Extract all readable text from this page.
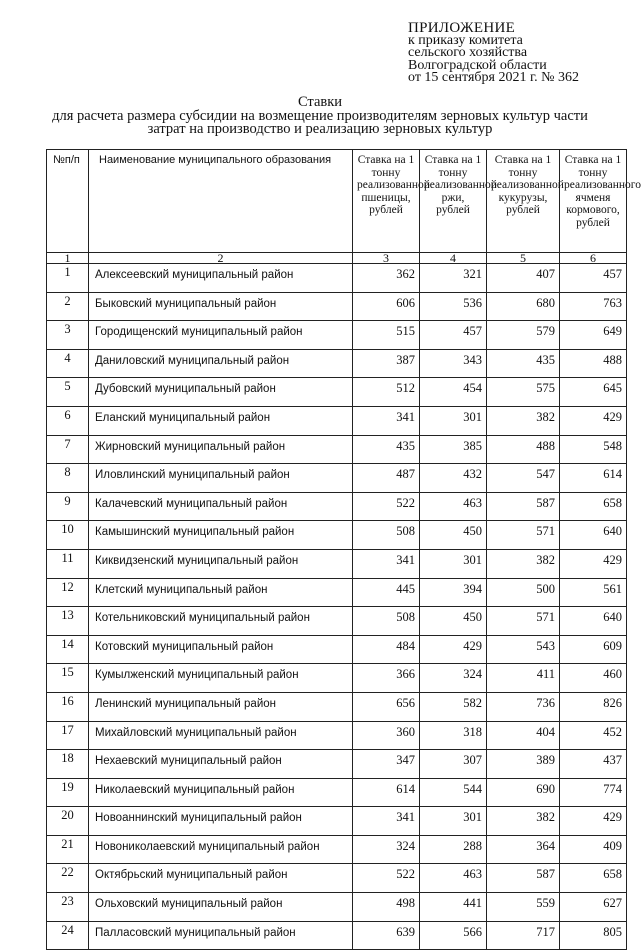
ПРИЛОЖЕНИЕ
к приказу комитета
сельского хозяйства
Волгоградской области
от 15 сентября 2021 г. № 362
Ставки
для расчета размера субсидии на возмещение производителям зерновых культур части
затрат на производство и реализацию зерновых культур
№п/п	Наименование муниципального образования	Ставка на 1 тонну реализованной пшеницы, рублей	Ставка на 1 тонну реализованной ржи, рублей	Ставка на 1 тонну реализованной кукурузы, рублей	Ставка на 1 тонну реализованного ячменя кормового, рублей
1	2	3	4	5	6
1	Алексеевский муниципальный район	362	321	407	457
2	Быковский муниципальный район	606	536	680	763
3	Городищенский муниципальный район	515	457	579	649
4	Даниловский муниципальный район	387	343	435	488
5	Дубовский муниципальный район	512	454	575	645
6	Еланский муниципальный район	341	301	382	429
7	Жирновский муниципальный район	435	385	488	548
8	Иловлинский муниципальный район	487	432	547	614
9	Калачевский муниципальный район	522	463	587	658
10	Камышинский муниципальный район	508	450	571	640
11	Киквидзенский муниципальный район	341	301	382	429
12	Клетский муниципальный район	445	394	500	561
13	Котельниковский муниципальный район	508	450	571	640
14	Котовский муниципальный район	484	429	543	609
15	Кумылженский муниципальный район	366	324	411	460
16	Ленинский муниципальный район	656	582	736	826
17	Михайловский муниципальный район	360	318	404	452
18	Нехаевский муниципальный район	347	307	389	437
19	Николаевский муниципальный район	614	544	690	774
20	Новоаннинский муниципальный район	341	301	382	429
21	Новониколаевский муниципальный район	324	288	364	409
22	Октябрьский муниципальный район	522	463	587	658
23	Ольховский муниципальный район	498	441	559	627
24	Палласовский муниципальный район	639	566	717	805
